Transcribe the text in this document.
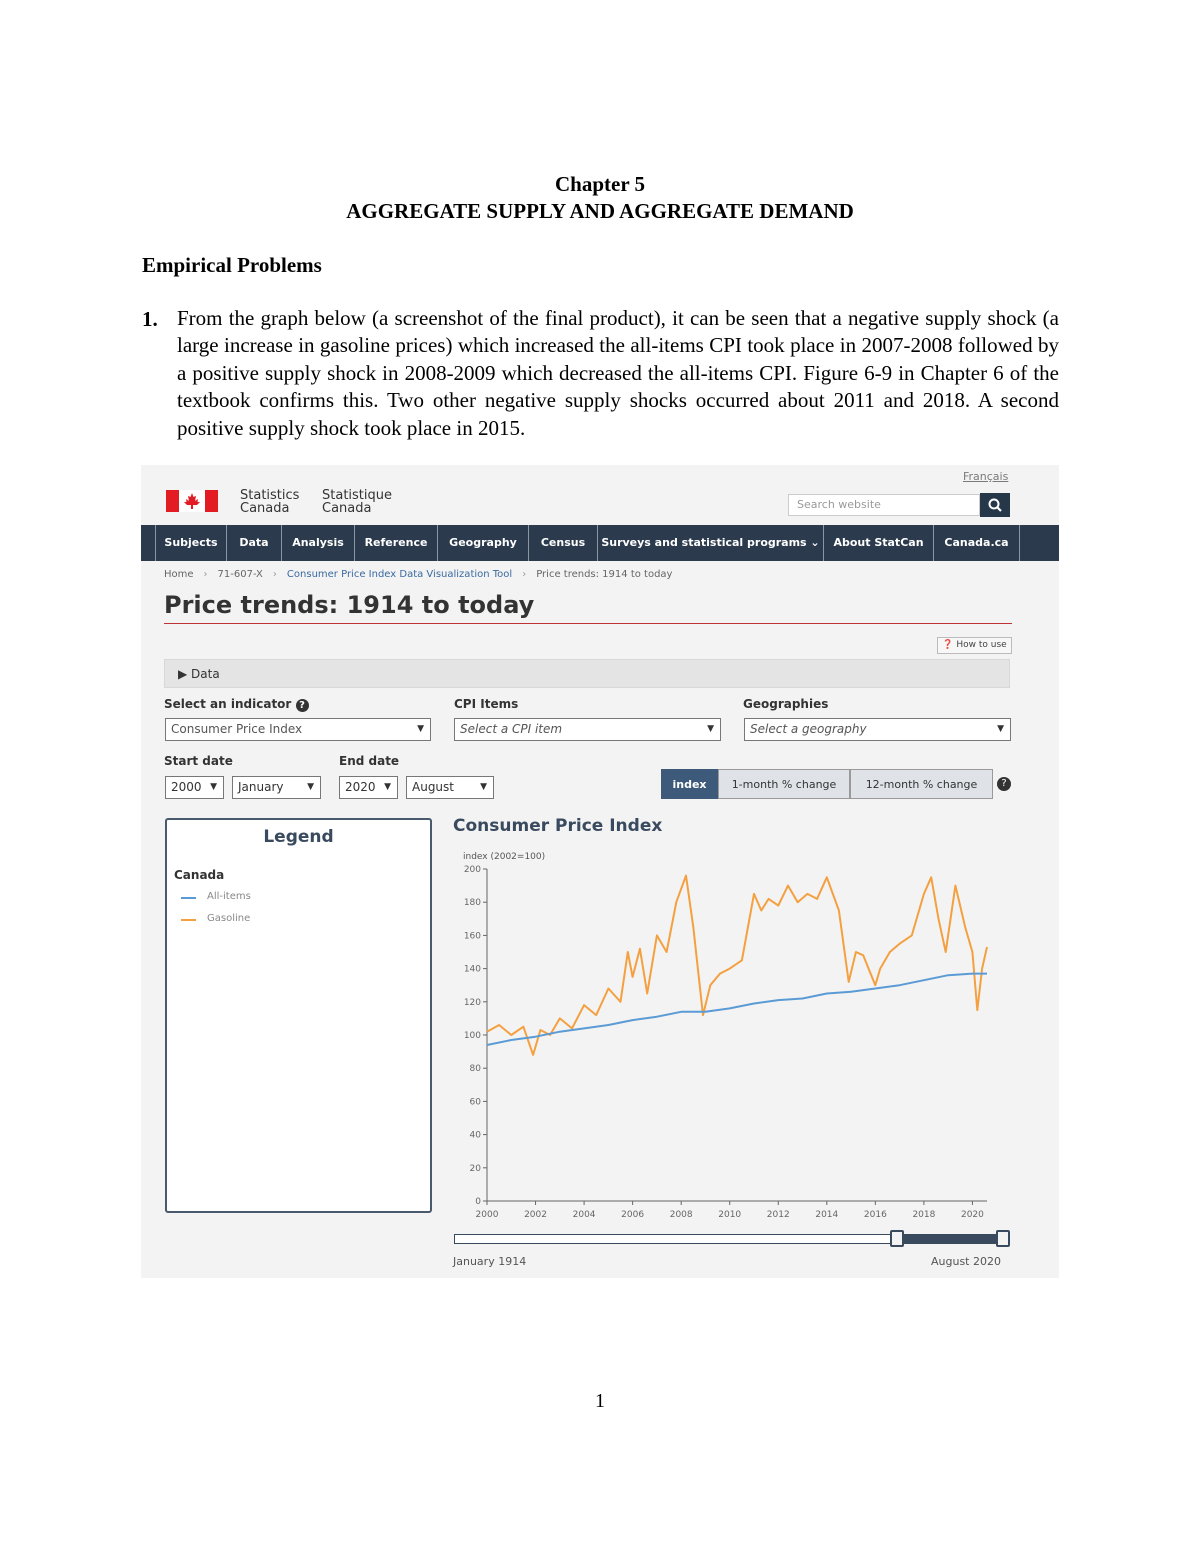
Chapter 5
AGGREGATE SUPPLY AND AGGREGATE DEMAND
Empirical Problems
1. From the graph below (a screenshot of the final product), it can be seen that a negative supply shock (a large increase in gasoline prices) which increased the all-items CPI took place in 2007-2008 followed by a positive supply shock in 2008-2009 which decreased the all-items CPI. Figure 6-9 in Chapter 6 of the textbook confirms this. Two other negative supply shocks occurred about 2011 and 2018. A second positive supply shock took place in 2015.
Français
Statistics
Canada
Statistique
Canada	Search website
Subjects	Data	Analysis	Reference	Geography	Census	Surveys and statistical programs ⌄	About StatCan	Canada.ca
Home › 71-607-X › Consumer Price Index Data Visualization Tool › Price trends: 1914 to today
Price trends: 1914 to today
❓ How to use
▶ Data
Select an indicator ?
Consumer Price Index	▼
CPI Items
Select a CPI item	▼
Geographies
Select a geography	▼
Start date
2000 ▼	January	▼
End date
2020 ▼	August	▼	index	1-month % change	12-month % change	?
Legend
Canada
All-items
Gasoline
Consumer Price Index
index (2002=100)
0
20
40
60
80
100
120
140
160
180
200
2000	2002	2004	2006	2008	2010	2012	2014	2016	2018	2020
January 1914	August 2020
1
